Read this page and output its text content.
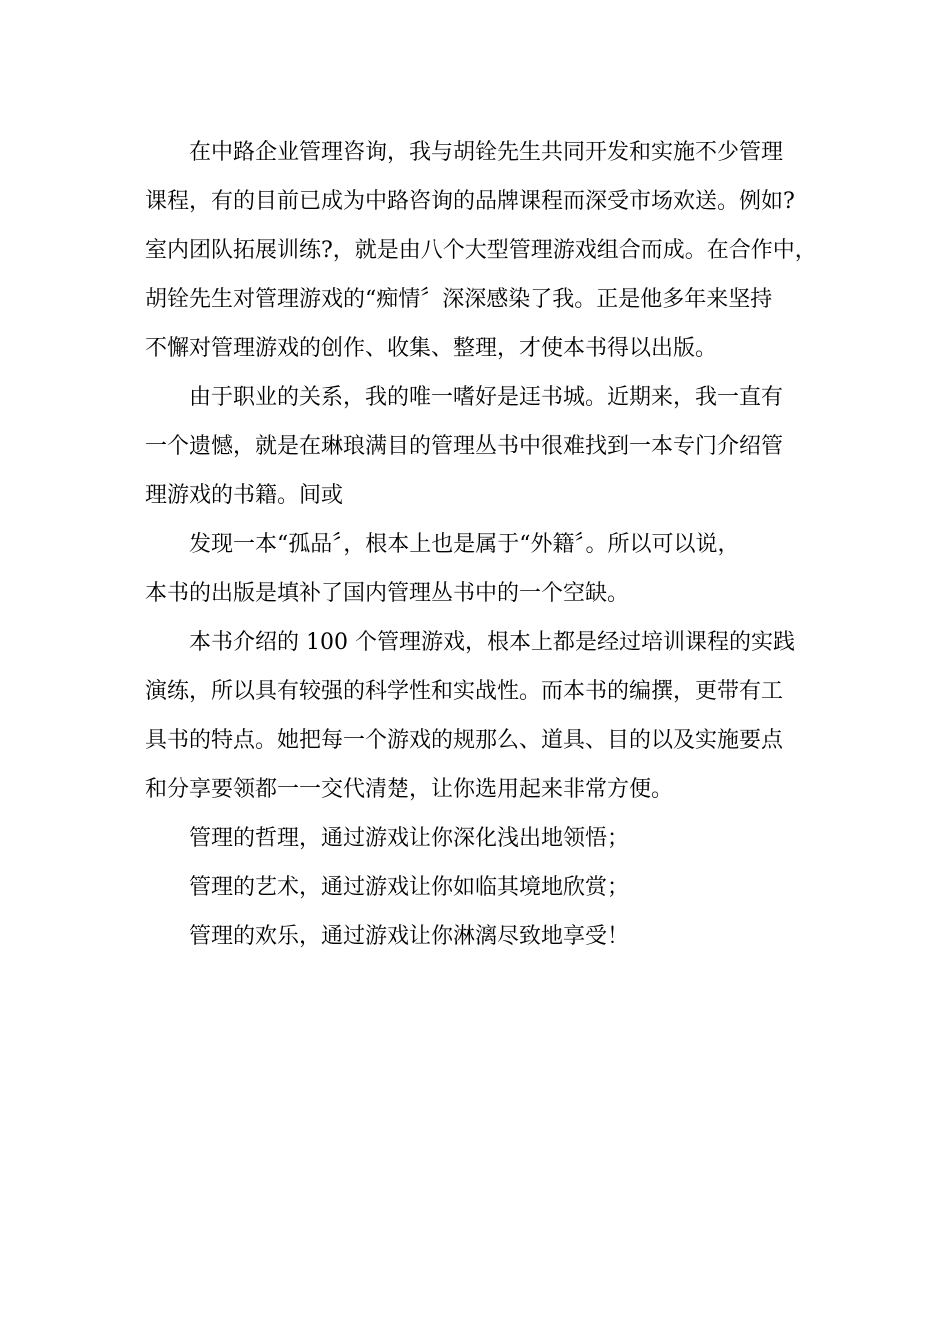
在中路企业管理咨询，我与胡铨先生共同开发和实施不少管理
课程，有的目前已成为中路咨询的品牌课程而深受市场欢送。例如?
室内团队拓展训练?，就是由八个大型管理游戏组合而成。在合作中，
胡铨先生对管理游戏的“痴情〞深深感染了我。正是他多年来坚持
不懈对管理游戏的创作、收集、整理，才使本书得以出版。
由于职业的关系，我的唯一嗜好是迋书城。近期来，我一直有
一个遗憾，就是在琳琅满目的管理丛书中很难找到一本专门介绍管
理游戏的书籍。间或
发现一本“孤品〞，根本上也是属于“外籍〞。所以可以说，
本书的出版是填补了国内管理丛书中的一个空缺。
本书介绍的 100 个管理游戏，根本上都是经过培训课程的实践
演练，所以具有较强的科学性和实战性。而本书的编撰，更带有工
具书的特点。她把每一个游戏的规那么、道具、目的以及实施要点
和分享要领都一一交代清楚，让你选用起来非常方便。
管理的哲理，通过游戏让你深化浅出地领悟；
管理的艺术，通过游戏让你如临其境地欣赏；
管理的欢乐，通过游戏让你淋漓尽致地享受！
